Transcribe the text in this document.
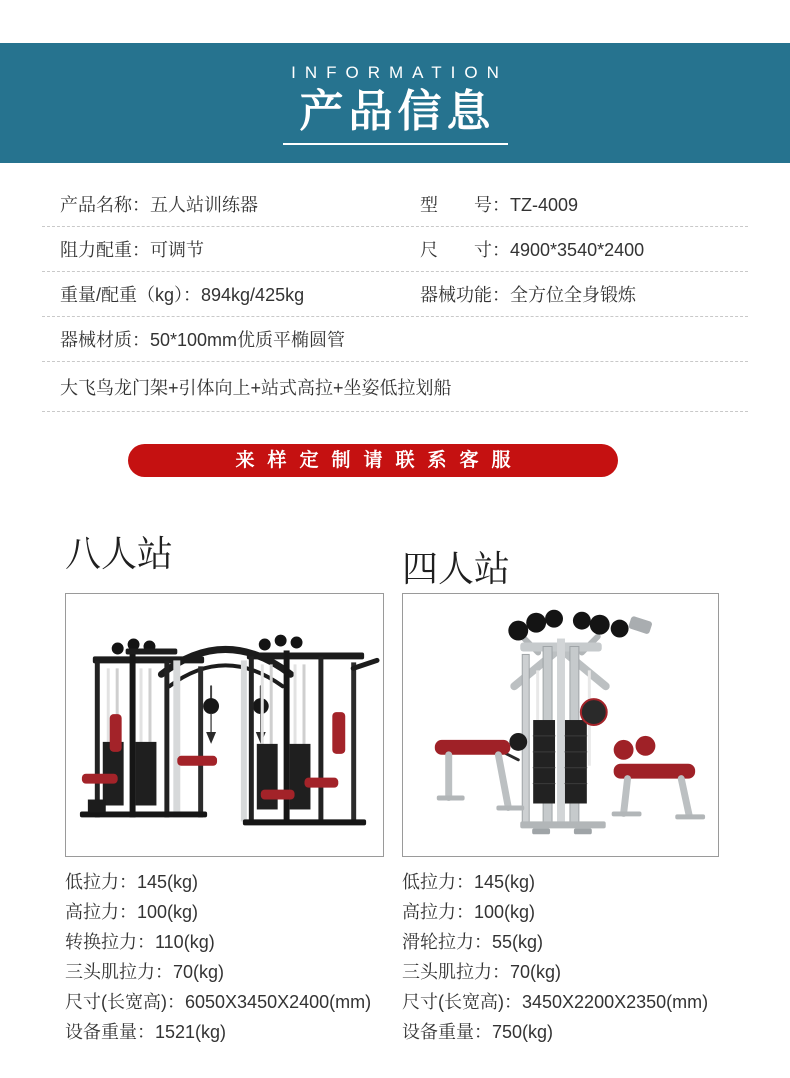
INFORMATION
产品信息
产品名称：五人站训练器	型　　号：TZ-4009
阻力配重：可调节	尺　　寸：4900*3540*2400
重量/配重（kg）：894kg/425kg	器械功能：全方位全身锻炼
器械材质：50*100mm优质平椭圆管
大飞鸟龙门架+引体向上+站式高拉+坐姿低拉划船
来样定制请联系客服
八人站
低拉力：145(kg)
高拉力：100(kg)
转换拉力：110(kg)
三头肌拉力：70(kg)
尺寸(长宽高)：6050X3450X2400(mm)
设备重量：1521(kg)
四人站
低拉力：145(kg)
高拉力：100(kg)
滑轮拉力：55(kg)
三头肌拉力：70(kg)
尺寸(长宽高)：3450X2200X2350(mm)
设备重量：750(kg)
